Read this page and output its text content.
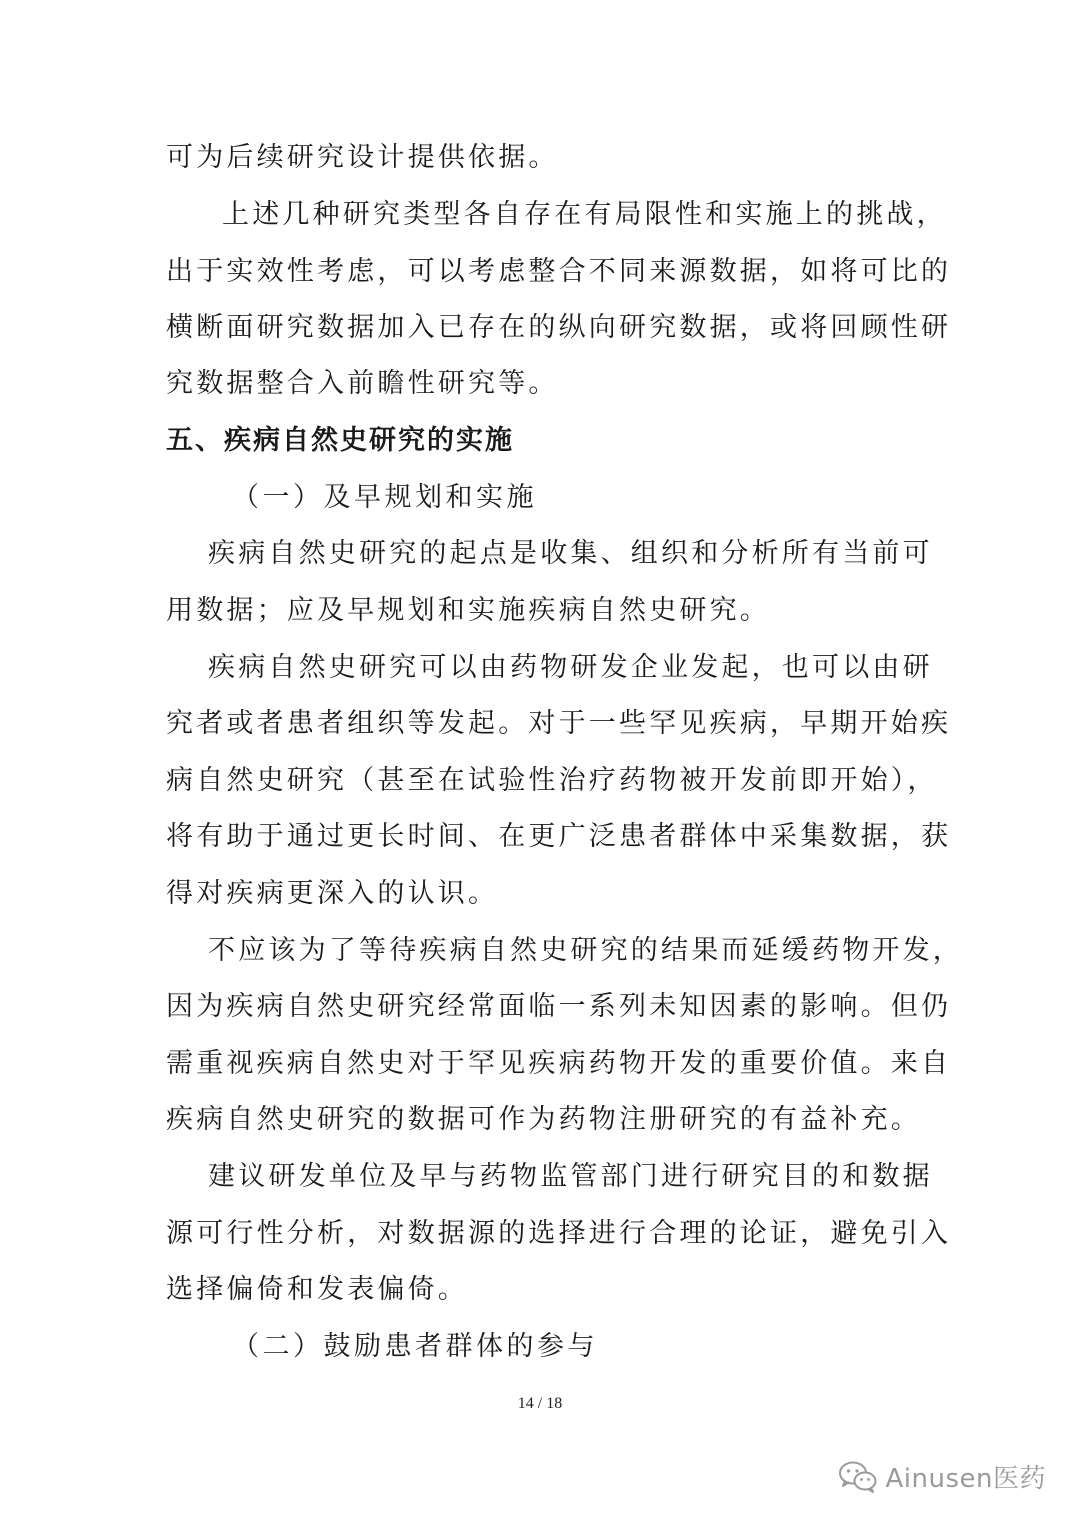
可为后续研究设计提供依据。
上述几种研究类型各自存在有局限性和实施上的挑战，
出于实效性考虑，可以考虑整合不同来源数据，如将可比的
横断面研究数据加入已存在的纵向研究数据，或将回顾性研
究数据整合入前瞻性研究等。
五、疾病自然史研究的实施
（一）及早规划和实施
疾病自然史研究的起点是收集、组织和分析所有当前可
用数据；应及早规划和实施疾病自然史研究。
疾病自然史研究可以由药物研发企业发起，也可以由研
究者或者患者组织等发起。对于一些罕见疾病，早期开始疾
病自然史研究（甚至在试验性治疗药物被开发前即开始），
将有助于通过更长时间、在更广泛患者群体中采集数据，获
得对疾病更深入的认识。
不应该为了等待疾病自然史研究的结果而延缓药物开发，
因为疾病自然史研究经常面临一系列未知因素的影响。但仍
需重视疾病自然史对于罕见疾病药物开发的重要价值。来自
疾病自然史研究的数据可作为药物注册研究的有益补充。
建议研发单位及早与药物监管部门进行研究目的和数据
源可行性分析，对数据源的选择进行合理的论证，避免引入
选择偏倚和发表偏倚。
（二）鼓励患者群体的参与
14 / 18
Ainusen医药
